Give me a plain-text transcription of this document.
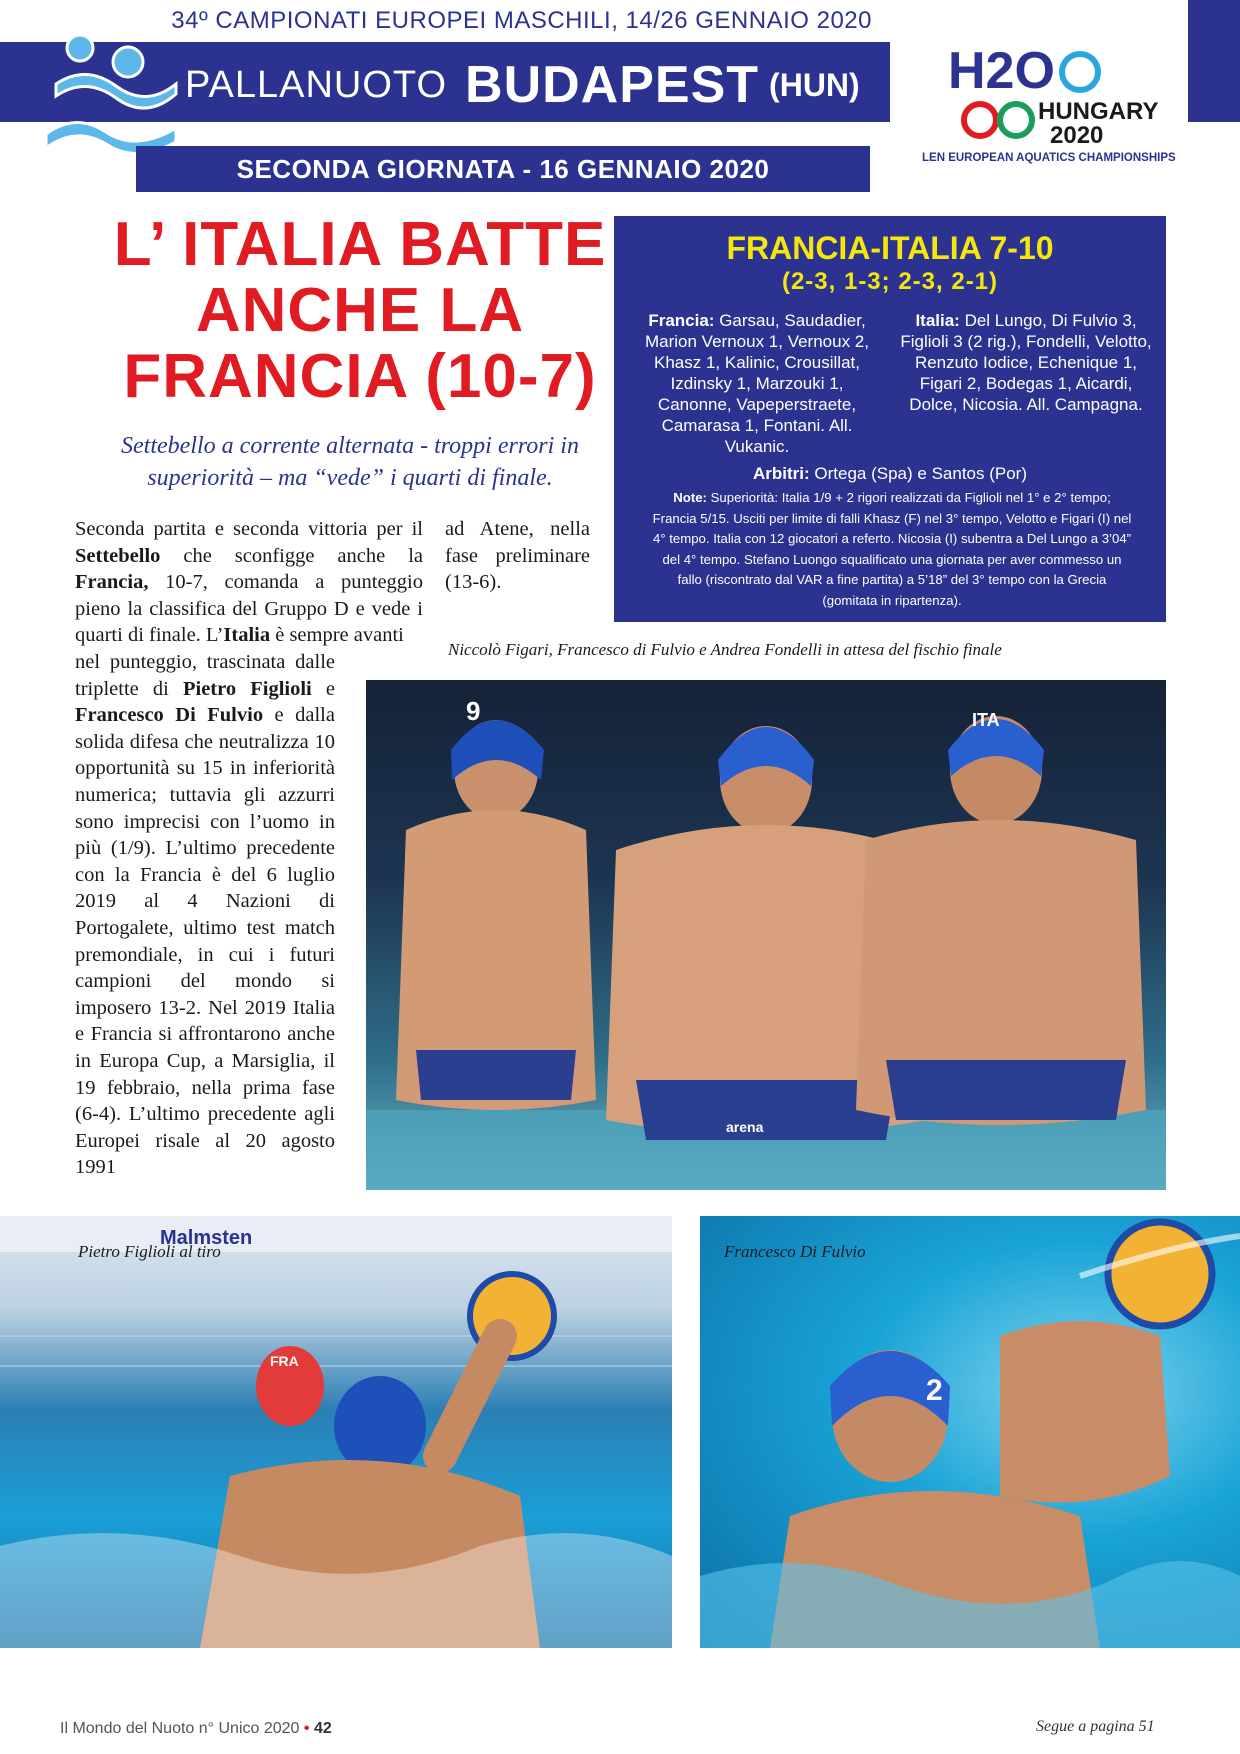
34º CAMPIONATI EUROPEI MASCHILI, 14/26 GENNAIO 2020
PALLANUOTO BUDAPEST (HUN)
SECONDA GIORNATA - 16 GENNAIO 2020
H2O
HUNGARY
2020
LEN EUROPEAN AQUATICS CHAMPIONSHIPS
L’ ITALIA BATTE
ANCHE LA
FRANCIA (10-7)
Settebello a corrente alternata - troppi errori in superiorità – ma “vede” i quarti di finale.
Seconda partita e seconda vittoria per il Settebello che sconfigge anche la Francia, 10-7, comanda a punteggio pieno la classifica del Gruppo D e vede i quarti di finale. L’Italia è sempre avanti
nel punteggio, trascinata dalle triplette di Pietro Figlioli e Francesco Di Fulvio e dalla solida difesa che neutralizza 10 opportunità su 15 in inferiorità numerica; tuttavia gli azzurri sono imprecisi con l’uomo in più (1/9). L’ultimo precedente con la Francia è del 6 luglio 2019 al 4 Nazioni di Portogalete, ultimo test match premondiale, in cui i futuri campioni del mondo si imposero 13-2. Nel 2019 Italia e Francia si affrontarono anche in Europa Cup, a Marsiglia, il 19 febbraio, nella prima fase (6-4). L’ultimo precedente agli Europei risale al 20 agosto 1991
ad Atene, nella fase preliminare (13-6).
FRANCIA-ITALIA 7-10
(2-3, 1-3; 2-3, 2-1)
Francia: Garsau, Saudadier, Marion Vernoux 1, Vernoux 2, Khasz 1, Kalinic, Crousillat, Izdinsky 1, Marzouki 1, Canonne, Vapeperstraete, Camarasa 1, Fontani. All. Vukanic.
Italia: Del Lungo, Di Fulvio 3, Figlioli 3 (2 rig.), Fondelli, Velotto, Renzuto Iodice, Echenique 1, Figari 2, Bodegas 1, Aicardi, Dolce, Nicosia. All. Campagna.
Arbitri: Ortega (Spa) e Santos (Por)
Note: Superiorità: Italia 1/9 + 2 rigori realizzati da Figlioli nel 1° e 2° tempo; Francia 5/15. Usciti per limite di falli Khasz (F) nel 3° tempo, Velotto e Figari (I) nel 4° tempo. Italia con 12 giocatori a referto. Nicosia (I) subentra a Del Lungo a 3’04” del 4° tempo. Stefano Luongo squalificato una giornata per aver commesso un fallo (riscontrato dal VAR a fine partita) a 5’18” del 3° tempo con la Grecia (gomitata in ripartenza).
Niccolò Figari, Francesco di Fulvio e Andrea Fondelli in attesa del fischio finale
9	ITA
arena
Malmsten
FRA
Pietro Figlioli al tiro
2
Francesco Di Fulvio
Il Mondo del Nuoto n° Unico 2020 • 42	Segue a pagina 51
